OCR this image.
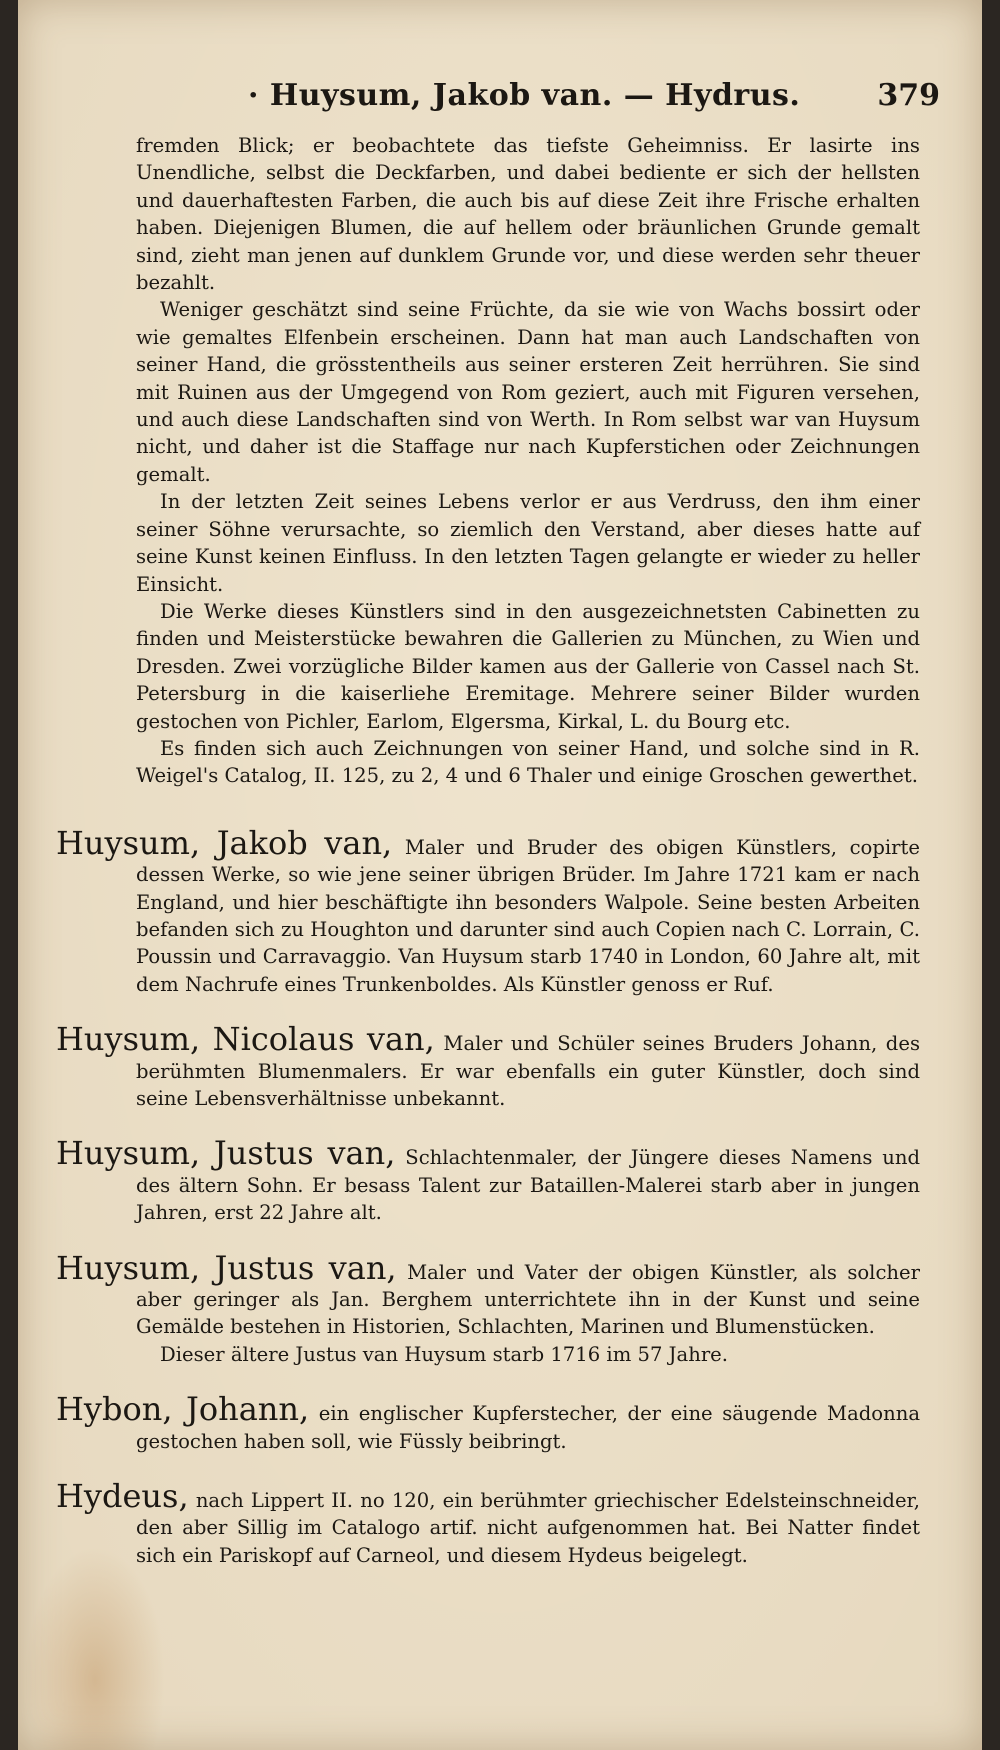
· Huysum, Jakob van. — Hydrus.	379

fremden Blick; er beobachtete das tiefste Geheimniss. Er lasirte ins Unendliche, selbst die Deckfarben, und dabei bediente er sich der hellsten und dauerhaftesten Farben, die auch bis auf diese Zeit ihre Frische erhalten haben. Diejenigen Blumen, die auf hellem oder bräunlichen Grunde gemalt sind, zieht man jenen auf dunklem Grunde vor, und diese werden sehr theuer bezahlt.

Weniger geschätzt sind seine Früchte, da sie wie von Wachs bossirt oder wie gemaltes Elfenbein erscheinen. Dann hat man auch Landschaften von seiner Hand, die grösstentheils aus seiner ersteren Zeit herrühren. Sie sind mit Ruinen aus der Umgegend von Rom geziert, auch mit Figuren versehen, und auch diese Landschaften sind von Werth. In Rom selbst war van Huysum nicht, und daher ist die Staffage nur nach Kupferstichen oder Zeichnungen gemalt.

In der letzten Zeit seines Lebens verlor er aus Verdruss, den ihm einer seiner Söhne verursachte, so ziemlich den Verstand, aber dieses hatte auf seine Kunst keinen Einfluss. In den letzten Tagen gelangte er wieder zu heller Einsicht.

Die Werke dieses Künstlers sind in den ausgezeichnetsten Cabinetten zu finden und Meisterstücke bewahren die Gallerien zu München, zu Wien und Dresden. Zwei vorzügliche Bilder kamen aus der Gallerie von Cassel nach St. Petersburg in die kaiserliehe Eremitage. Mehrere seiner Bilder wurden gestochen von Pichler, Earlom, Elgersma, Kirkal, L. du Bourg etc.

Es finden sich auch Zeichnungen von seiner Hand, und solche sind in R. Weigel's Catalog, II. 125, zu 2, 4 und 6 Thaler und einige Groschen gewerthet.

Huysum, Jakob van, Maler und Bruder des obigen Künstlers, copirte dessen Werke, so wie jene seiner übrigen Brüder. Im Jahre 1721 kam er nach England, und hier beschäftigte ihn besonders Walpole. Seine besten Arbeiten befanden sich zu Houghton und darunter sind auch Copien nach C. Lorrain, C. Poussin und Carravaggio. Van Huysum starb 1740 in London, 60 Jahre alt, mit dem Nachrufe eines Trunkenboldes. Als Künstler genoss er Ruf.

Huysum, Nicolaus van, Maler und Schüler seines Bruders Johann, des berühmten Blumenmalers. Er war ebenfalls ein guter Künstler, doch sind seine Lebensverhältnisse unbekannt.

Huysum, Justus van, Schlachtenmaler, der Jüngere dieses Namens und des ältern Sohn. Er besass Talent zur Bataillen-Malerei starb aber in jungen Jahren, erst 22 Jahre alt.

Huysum, Justus van, Maler und Vater der obigen Künstler, als solcher aber geringer als Jan. Berghem unterrichtete ihn in der Kunst und seine Gemälde bestehen in Historien, Schlachten, Marinen und Blumenstücken.

Dieser ältere Justus van Huysum starb 1716 im 57 Jahre.

Hybon, Johann, ein englischer Kupferstecher, der eine säugende Madonna gestochen haben soll, wie Füssly beibringt.

Hydeus, nach Lippert II. no 120, ein berühmter griechischer Edelsteinschneider, den aber Sillig im Catalogo artif. nicht aufgenommen hat. Bei Natter findet sich ein Pariskopf auf Carneol, und diesem Hydeus beigelegt.
